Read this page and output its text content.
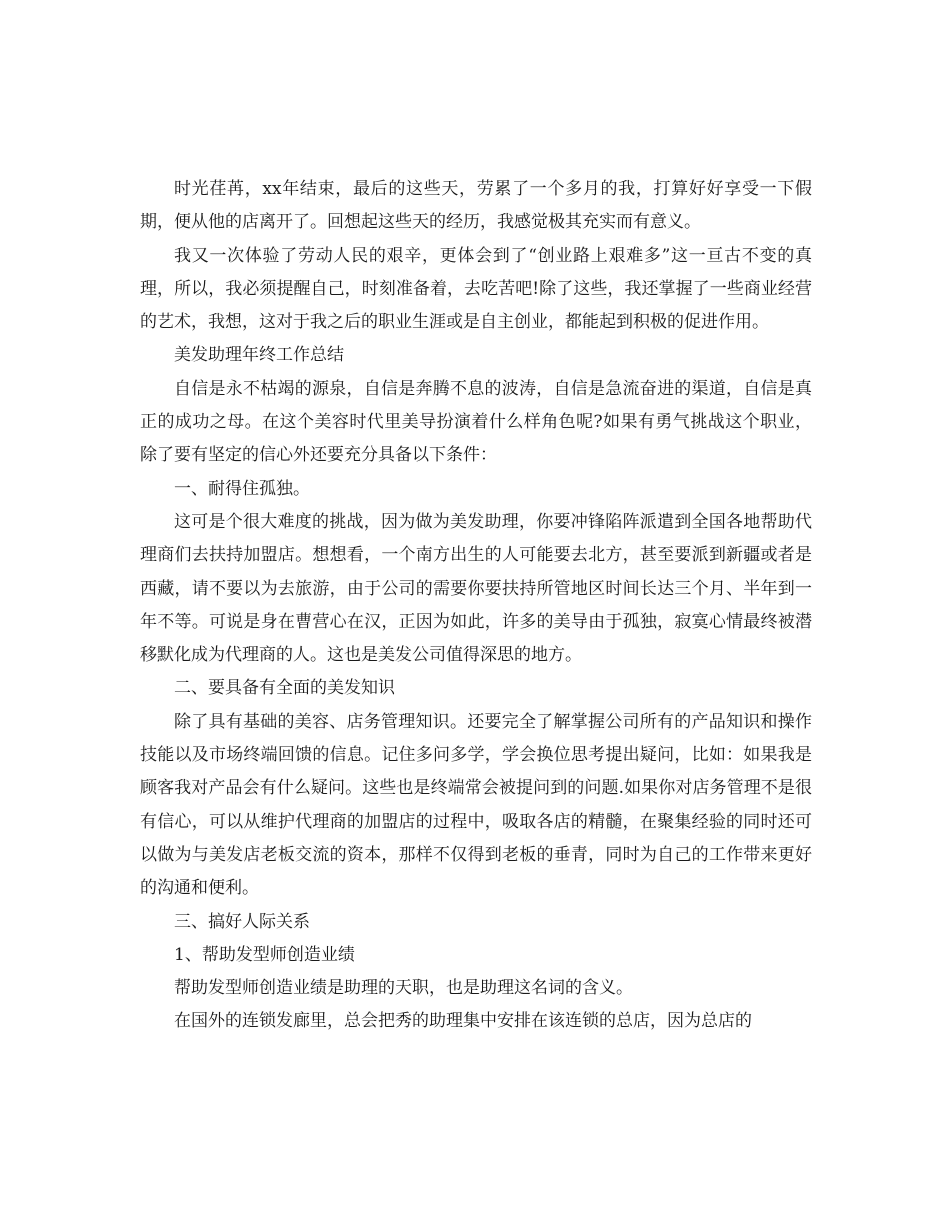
时光荏苒，xx年结束，最后的这些天，劳累了一个多月的我，打算好好享受一下假期，便从他的店离开了。回想起这些天的经历，我感觉极其充实而有意义。

我又一次体验了劳动人民的艰辛，更体会到了“创业路上艰难多”这一亘古不变的真理，所以，我必须提醒自己，时刻准备着，去吃苦吧!除了这些，我还掌握了一些商业经营的艺术，我想，这对于我之后的职业生涯或是自主创业，都能起到积极的促进作用。

美发助理年终工作总结

自信是永不枯竭的源泉，自信是奔腾不息的波涛，自信是急流奋进的渠道，自信是真正的成功之母。在这个美容时代里美导扮演着什么样角色呢?如果有勇气挑战这个职业，除了要有坚定的信心外还要充分具备以下条件：

一、耐得住孤独。

这可是个很大难度的挑战，因为做为美发助理，你要冲锋陷阵派遣到全国各地帮助代理商们去扶持加盟店。想想看，一个南方出生的人可能要去北方，甚至要派到新疆或者是西藏，请不要以为去旅游，由于公司的需要你要扶持所管地区时间长达三个月、半年到一年不等。可说是身在曹营心在汉，正因为如此，许多的美导由于孤独，寂寞心情最终被潜移默化成为代理商的人。这也是美发公司值得深思的地方。

二、要具备有全面的美发知识

除了具有基础的美容、店务管理知识。还要完全了解掌握公司所有的产品知识和操作技能以及市场终端回馈的信息。记住多问多学，学会换位思考提出疑问，比如：如果我是顾客我对产品会有什么疑问。这些也是终端常会被提问到的问题.如果你对店务管理不是很有信心，可以从维护代理商的加盟店的过程中，吸取各店的精髓，在聚集经验的同时还可以做为与美发店老板交流的资本，那样不仅得到老板的垂青，同时为自己的工作带来更好的沟通和便利。

三、搞好人际关系

1、帮助发型师创造业绩

帮助发型师创造业绩是助理的天职，也是助理这名词的含义。

在国外的连锁发廊里，总会把秀的助理集中安排在该连锁的总店，因为总店的
